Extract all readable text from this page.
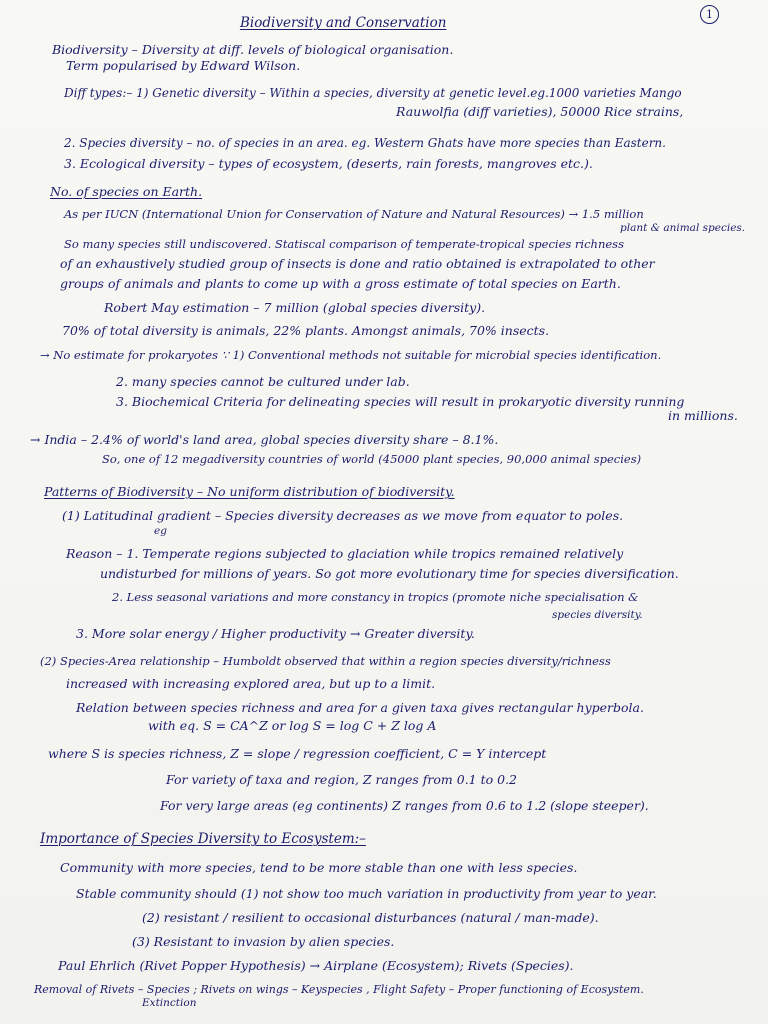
1
Biodiversity and Conservation
Biodiversity – Diversity at diff. levels of biological organisation.
Term popularised by Edward Wilson.
Diff types:– 1) Genetic diversity – Within a species, diversity at genetic level.eg.1000 varieties Mango
Rauwolfia (diff varieties), 50000 Rice strains,
2. Species diversity – no. of species in an area. eg. Western Ghats have more species than Eastern.
3. Ecological diversity – types of ecosystem, (deserts, rain forests, mangroves etc.).
No. of species on Earth.
As per IUCN (International Union for Conservation of Nature and Natural Resources) → 1.5 million
plant & animal species.
So many species still undiscovered. Statiscal comparison of temperate-tropical species richness
of an exhaustively studied group of insects is done and ratio obtained is extrapolated to other
groups of animals and plants to come up with a gross estimate of total species on Earth.
Robert May estimation – 7 million (global species diversity).
70% of total diversity is animals, 22% plants. Amongst animals, 70% insects.
→ No estimate for prokaryotes ∵ 1) Conventional methods not suitable for microbial species identification.
2. many species cannot be cultured under lab.
3. Biochemical Criteria for delineating species will result in prokaryotic diversity running
in millions.
→ India – 2.4% of world's land area, global species diversity share – 8.1%.
So, one of 12 megadiversity countries of world (45000 plant species, 90,000 animal species)
Patterns of Biodiversity – No uniform distribution of biodiversity.
(1) Latitudinal gradient – Species diversity decreases as we move from equator to poles.
eg
Reason – 1. Temperate regions subjected to glaciation while tropics remained relatively
undisturbed for millions of years. So got more evolutionary time for species diversification.
2. Less seasonal variations and more constancy in tropics (promote niche specialisation &
species diversity.
3. More solar energy / Higher productivity → Greater diversity.
(2) Species-Area relationship – Humboldt observed that within a region species diversity/richness
increased with increasing explored area, but up to a limit.
Relation between species richness and area for a given taxa gives rectangular hyperbola.
with eq. S = CA^Z or log S = log C + Z log A
where S is species richness, Z = slope / regression coefficient, C = Y intercept
For variety of taxa and region, Z ranges from 0.1 to 0.2
For very large areas (eg continents) Z ranges from 0.6 to 1.2 (slope steeper).
Importance of Species Diversity to Ecosystem:–
Community with more species, tend to be more stable than one with less species.
Stable community should (1) not show too much variation in productivity from year to year.
(2) resistant / resilient to occasional disturbances (natural / man-made).
(3) Resistant to invasion by alien species.
Paul Ehrlich (Rivet Popper Hypothesis) → Airplane (Ecosystem); Rivets (Species).
Removal of Rivets – Species ; Rivets on wings – Keyspecies , Flight Safety – Proper functioning of Ecosystem.
Extinction
